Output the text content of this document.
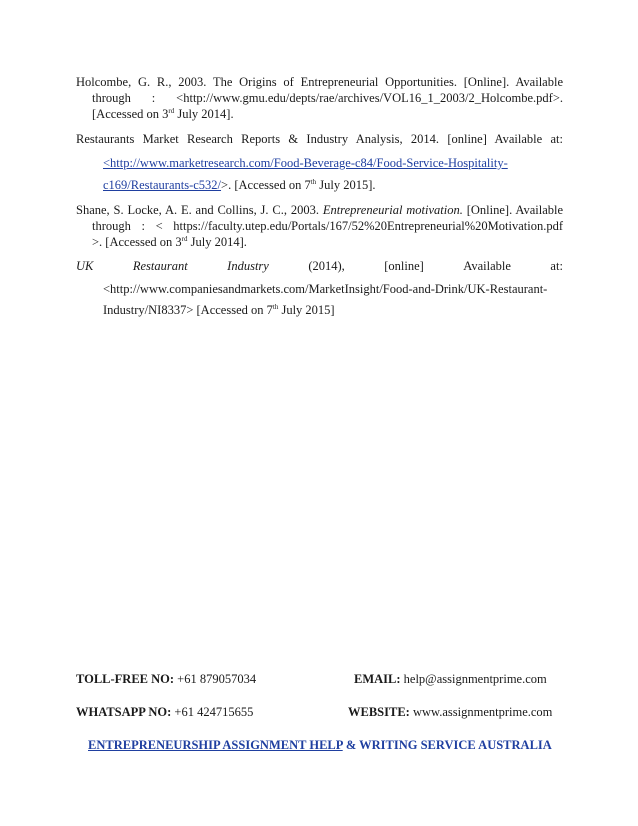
Holcombe, G. R., 2003. The Origins of Entrepreneurial Opportunities. [Online]. Available
through : <http://www.gmu.edu/depts/rae/archives/VOL16_1_2003/2_Holcombe.pdf>.
[Accessed on 3rd July 2014].
Restaurants Market Research Reports & Industry Analysis, 2014. [online] Available at:
<http://www.marketresearch.com/Food-Beverage-c84/Food-Service-Hospitality-
c169/Restaurants-c532/>. [Accessed on 7th July 2015].
Shane, S. Locke, A. E. and Collins, J. C., 2003. Entrepreneurial motivation. [Online]. Available
through : < https://faculty.utep.edu/Portals/167/52%20Entrepreneurial%20Motivation.pdf
>. [Accessed on 3rd July 2014].
UK	Restaurant	Industry	(2014),	[online]	Available	at:
<http://www.companiesandmarkets.com/MarketInsight/Food-and-Drink/UK-Restaurant-
Industry/NI8337> [Accessed on 7th July 2015]
TOLL-FREE NO: +61 879057034	EMAIL: help@assignmentprime.com
WHATSAPP NO: +61 424715655	WEBSITE: www.assignmentprime.com
ENTREPRENEURSHIP ASSIGNMENT HELP & WRITING SERVICE AUSTRALIA
